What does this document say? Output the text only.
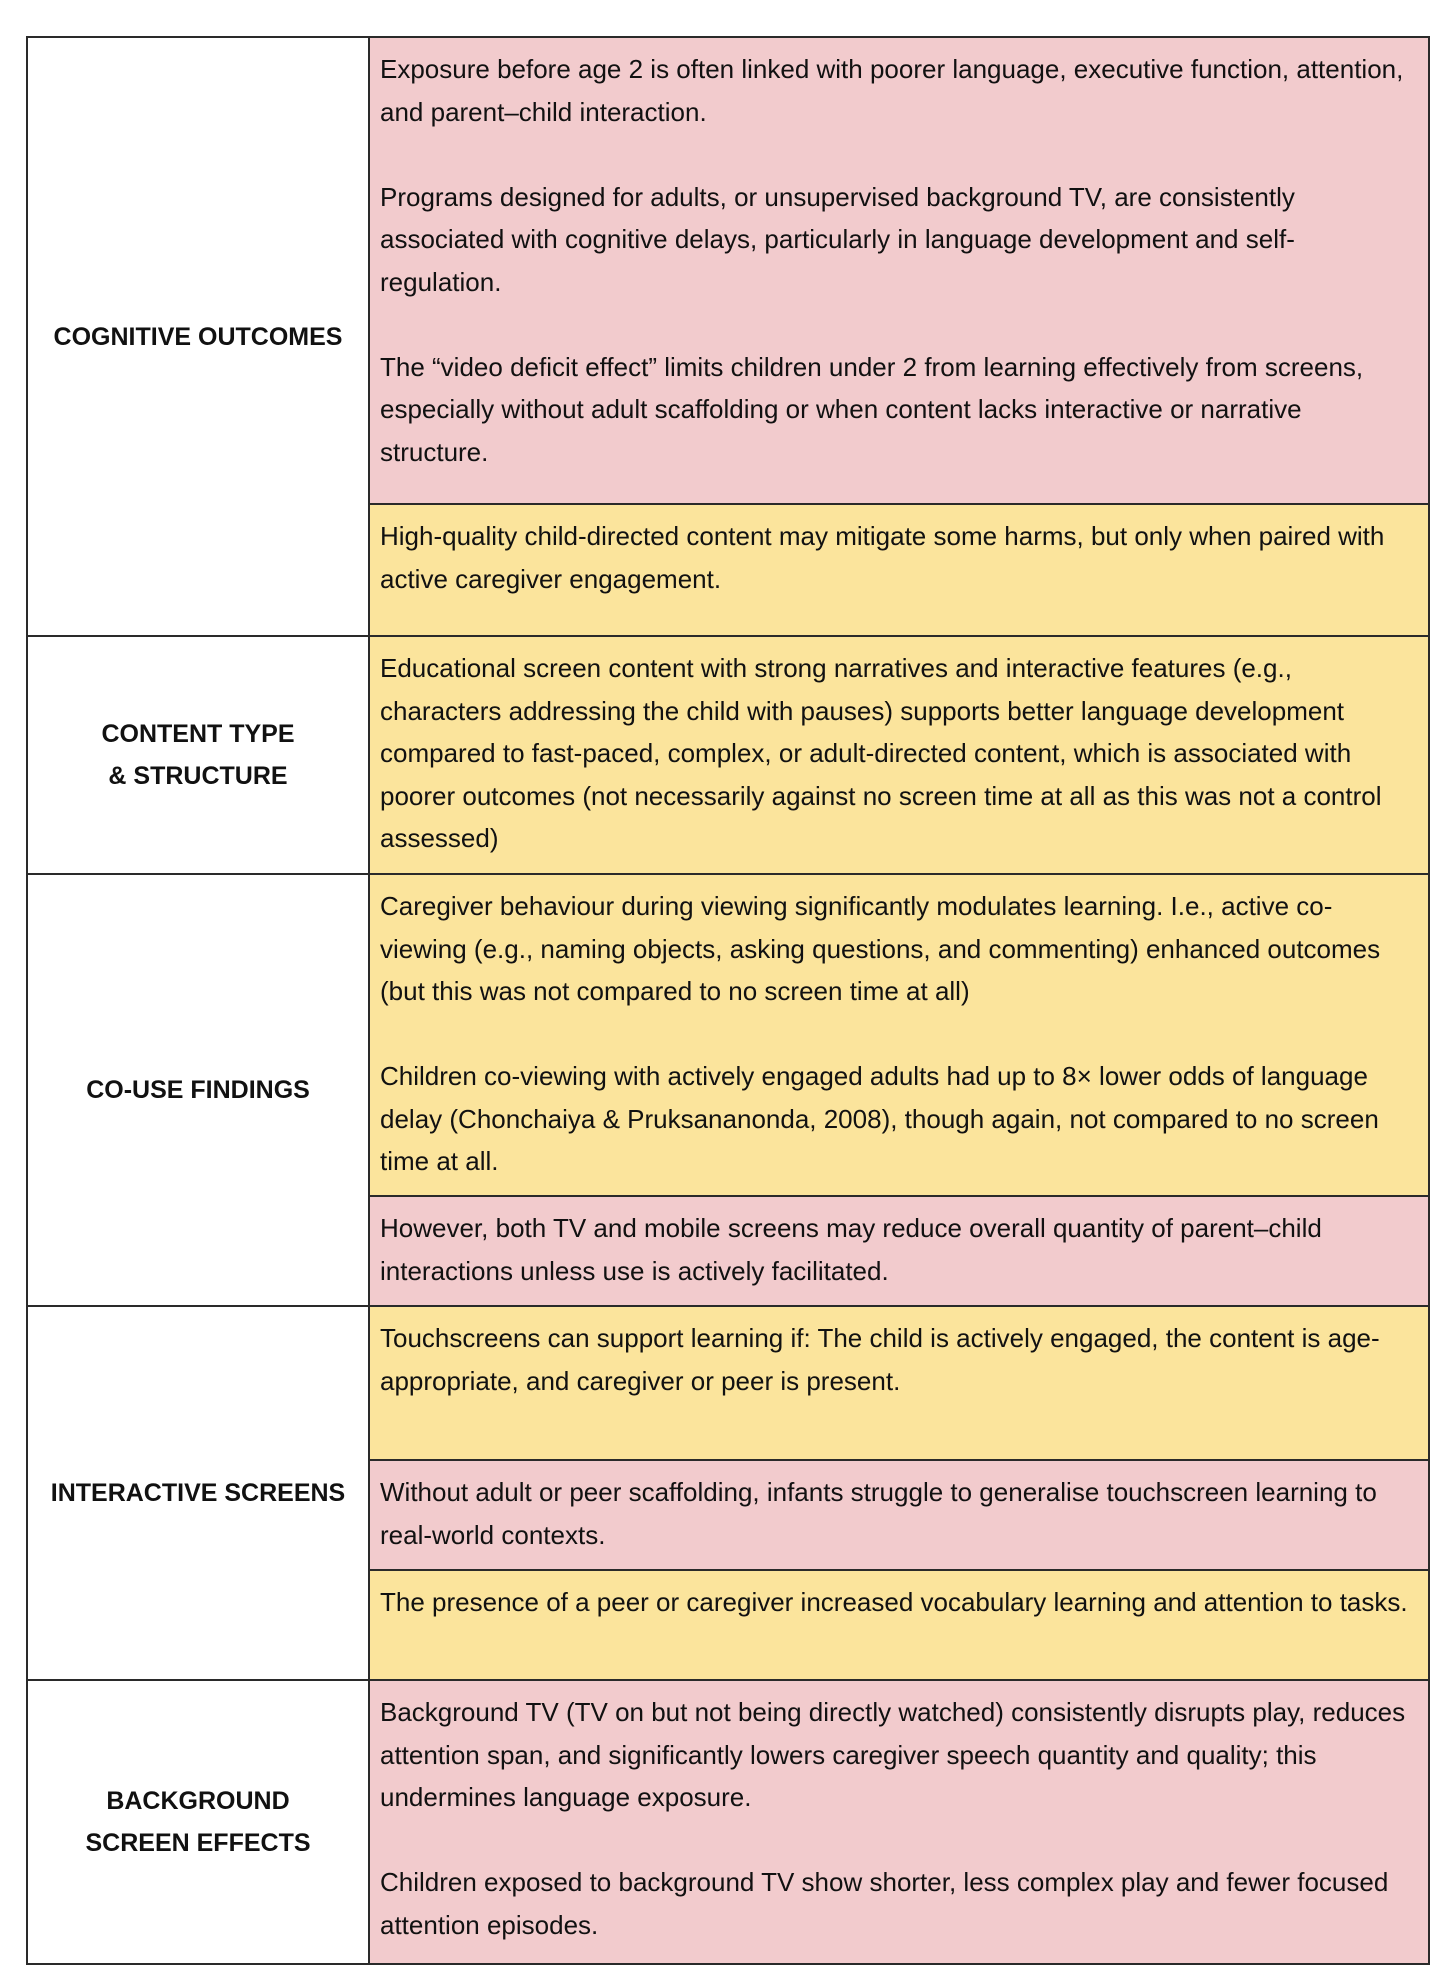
COGNITIVE OUTCOMES	Exposure before age 2 is often linked with poorer language, executive function, attention, and parent–child interaction.

Programs designed for adults, or unsupervised background TV, are consistently associated with cognitive delays, particularly in language development and self-regulation.

The “video deficit effect” limits children under 2 from learning effectively from screens, especially without adult scaffolding or when content lacks interactive or narrative structure.

	High-quality child-directed content may mitigate some harms, but only when paired with active caregiver engagement.

CONTENT TYPE & STRUCTURE	Educational screen content with strong narratives and interactive features (e.g., characters addressing the child with pauses) supports better language development compared to fast-paced, complex, or adult-directed content, which is associated with poorer outcomes (not necessarily against no screen time at all as this was not a control assessed)

CO-USE FINDINGS	Caregiver behaviour during viewing significantly modulates learning. I.e., active co-viewing (e.g., naming objects, asking questions, and commenting) enhanced outcomes (but this was not compared to no screen time at all)

Children co-viewing with actively engaged adults had up to 8× lower odds of language delay (Chonchaiya & Pruksananonda, 2008), though again, not compared to no screen time at all.

	However, both TV and mobile screens may reduce overall quantity of parent–child interactions unless use is actively facilitated.

INTERACTIVE SCREENS	Touchscreens can support learning if: The child is actively engaged, the content is age-appropriate, and caregiver or peer is present.

	Without adult or peer scaffolding, infants struggle to generalise touchscreen learning to real-world contexts.

	The presence of a peer or caregiver increased vocabulary learning and attention to tasks.

BACKGROUND SCREEN EFFECTS	Background TV (TV on but not being directly watched) consistently disrupts play, reduces attention span, and significantly lowers caregiver speech quantity and quality; this undermines language exposure.

Children exposed to background TV show shorter, less complex play and fewer focused attention episodes.
